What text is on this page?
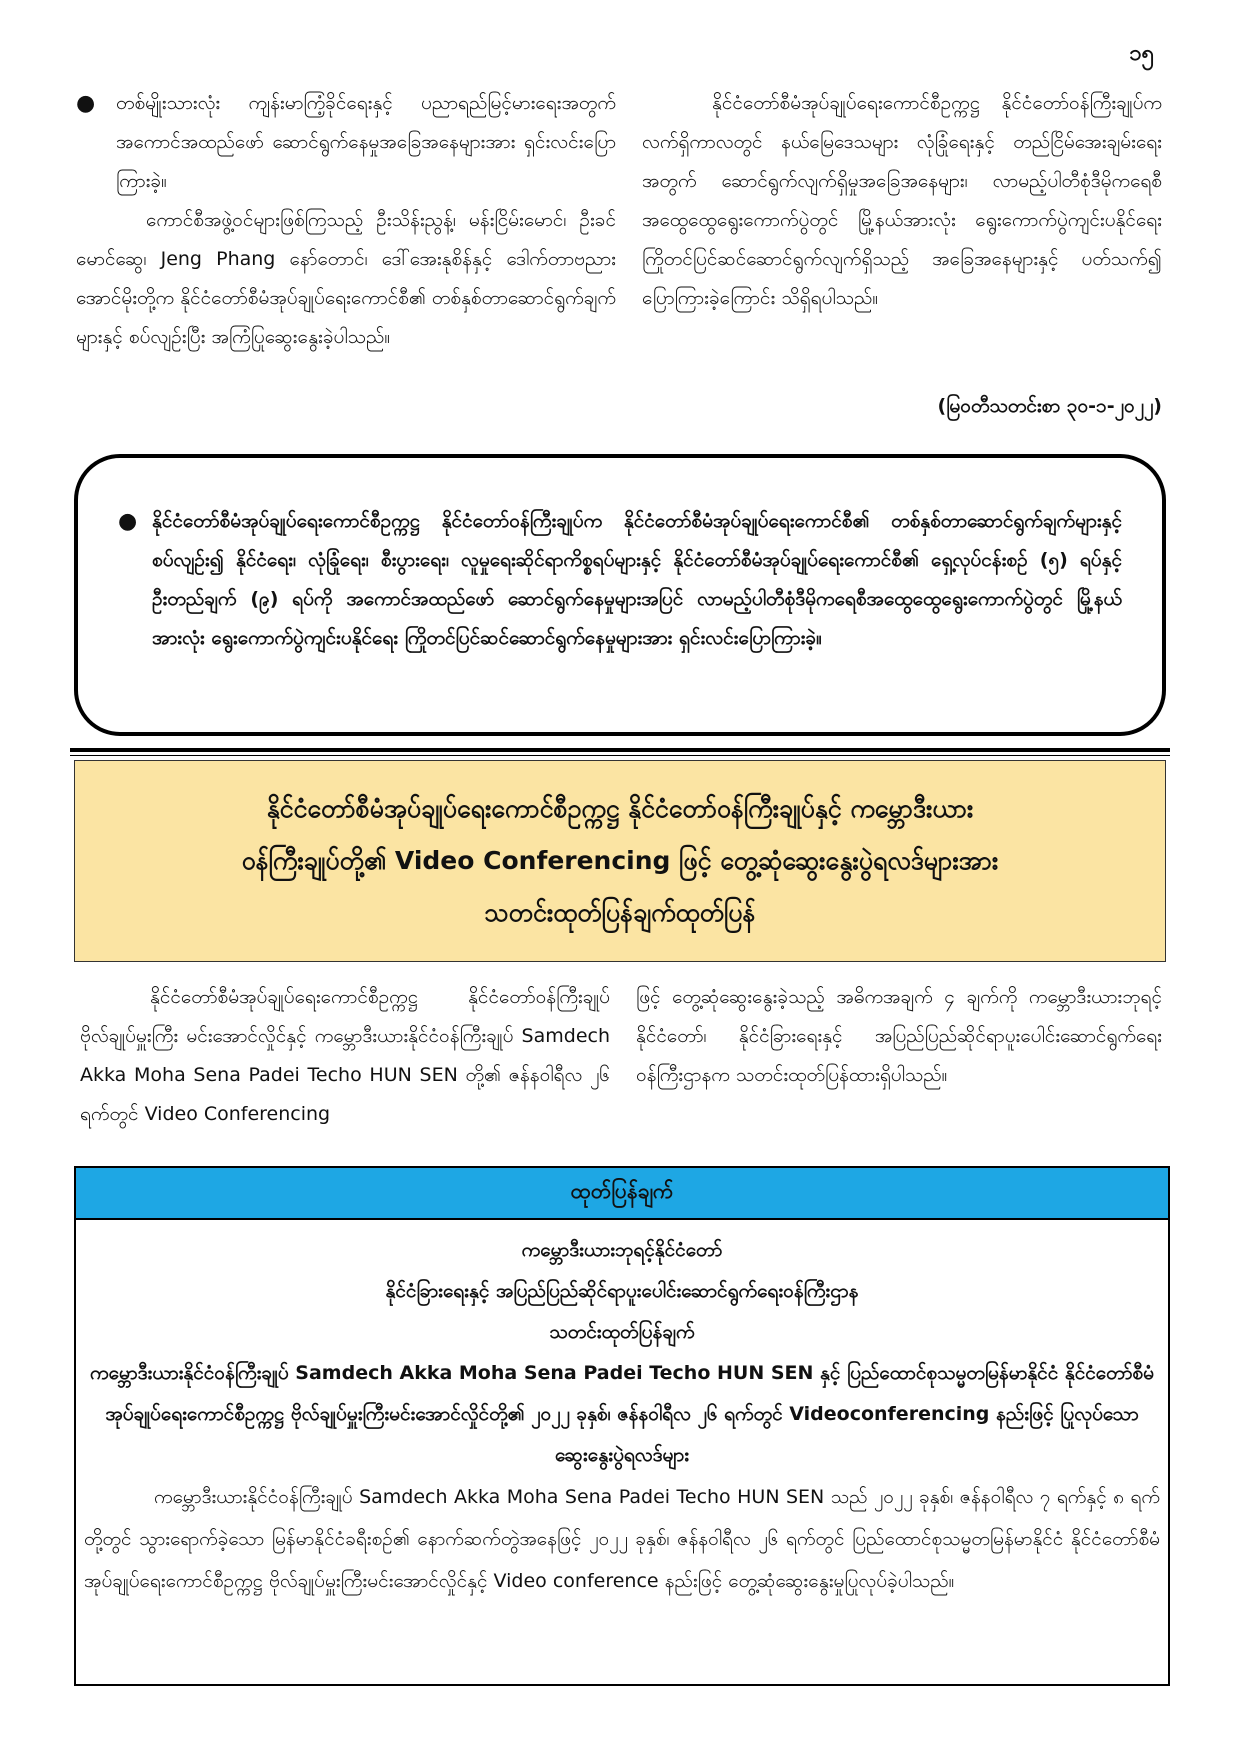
၁၅
●	တစ်မျိုးသားလုံး ကျန်းမာကြံ့ခိုင်ရေးနှင့် ပညာရည်မြင့်မားရေးအတွက် အကောင်အထည်ဖော် ဆောင်ရွက်နေမှုအခြေအနေများအား ရှင်းလင်းပြောကြားခဲ့။

ကောင်စီအဖွဲ့ဝင်များဖြစ်ကြသည့် ဦးသိန်းညွန့်၊ မန်းငြိမ်းမောင်၊ ဦးခင်မောင်ဆွေ၊ Jeng Phang နော်တောင်၊ ဒေါ်အေးနုစိန်နှင့် ဒေါက်တာဗညားအောင်မိုးတို့က နိုင်ငံတော်စီမံအုပ်ချုပ်ရေးကောင်စီ၏ တစ်နှစ်တာဆောင်ရွက်ချက်များနှင့် စပ်လျဉ်းပြီး အကြံပြုဆွေးနွေးခဲ့ပါသည်။

နိုင်ငံတော်စီမံအုပ်ချုပ်ရေးကောင်စီဥက္ကဋ္ဌ နိုင်ငံတော်ဝန်ကြီးချုပ်က လက်ရှိကာလတွင် နယ်မြေဒေသများ လုံခြုံရေးနှင့် တည်ငြိမ်အေးချမ်းရေးအတွက် ဆောင်ရွက်လျက်ရှိမှုအခြေအနေများ၊ လာမည့်ပါတီစုံဒီမိုကရေစီအထွေထွေရွေးကောက်ပွဲတွင် မြို့နယ်အားလုံး ရွေးကောက်ပွဲကျင်းပနိုင်ရေး ကြိုတင်ပြင်ဆင်ဆောင်ရွက်လျက်ရှိသည့် အခြေအနေများနှင့် ပတ်သက်၍ ပြောကြားခဲ့ကြောင်း သိရှိရပါသည်။

(မြဝတီသတင်းစာ ၃၀-၁-၂၀၂၂)
● နိုင်ငံတော်စီမံအုပ်ချုပ်ရေးကောင်စီဥက္ကဋ္ဌ နိုင်ငံတော်ဝန်ကြီးချုပ်က နိုင်ငံတော်စီမံအုပ်ချုပ်ရေးကောင်စီ၏ တစ်နှစ်တာဆောင်ရွက်ချက်များနှင့်စပ်လျဉ်း၍ နိုင်ငံရေး၊ လုံခြုံရေး၊ စီးပွားရေး၊ လူမှုရေးဆိုင်ရာကိစ္စရပ်များနှင့် နိုင်ငံတော်စီမံအုပ်ချုပ်ရေးကောင်စီ၏ ရှေ့လုပ်ငန်းစဉ် (၅) ရပ်နှင့် ဦးတည်ချက် (၉) ရပ်ကို အကောင်အထည်ဖော် ဆောင်ရွက်နေမှုများအပြင် လာမည့်ပါတီစုံဒီမိုကရေစီအထွေထွေရွေးကောက်ပွဲတွင် မြို့နယ်အားလုံး ရွေးကောက်ပွဲကျင်းပနိုင်ရေး ကြိုတင်ပြင်ဆင်ဆောင်ရွက်နေမှုများအား ရှင်းလင်းပြောကြားခဲ့။
နိုင်ငံတော်စီမံအုပ်ချုပ်ရေးကောင်စီဥက္ကဋ္ဌ နိုင်ငံတော်ဝန်ကြီးချုပ်နှင့် ကမ္ဘောဒီးယား
ဝန်ကြီးချုပ်တို့၏ Video Conferencing ဖြင့် တွေ့ဆုံဆွေးနွေးပွဲရလဒ်များအား
သတင်းထုတ်ပြန်ချက်ထုတ်ပြန်

နိုင်ငံတော်စီမံအုပ်ချုပ်ရေးကောင်စီဥက္ကဋ္ဌ နိုင်ငံတော်ဝန်ကြီးချုပ် ဗိုလ်ချုပ်မှူးကြီး မင်းအောင်လှိုင်နှင့် ကမ္ဘောဒီးယားနိုင်ငံဝန်ကြီးချုပ် Samdech Akka Moha Sena Padei Techo HUN SEN တို့၏ ဇန်နဝါရီလ ၂၆ ရက်တွင် Video Conferencing

ဖြင့် တွေ့ဆုံဆွေးနွေးခဲ့သည့် အဓိကအချက် ၄ ချက်ကို ကမ္ဘောဒီးယားဘုရင့်နိုင်ငံတော်၊ နိုင်ငံခြားရေးနှင့် အပြည်ပြည်ဆိုင်ရာပူးပေါင်းဆောင်ရွက်ရေးဝန်ကြီးဌာနက သတင်းထုတ်ပြန်ထားရှိပါသည်။

ထုတ်ပြန်ချက်

ကမ္ဘောဒီးယားဘုရင့်နိုင်ငံတော်

နိုင်ငံခြားရေးနှင့် အပြည်ပြည်ဆိုင်ရာပူးပေါင်းဆောင်ရွက်ရေးဝန်ကြီးဌာန

သတင်းထုတ်ပြန်ချက်

ကမ္ဘောဒီးယားနိုင်ငံဝန်ကြီးချုပ် Samdech Akka Moha Sena Padei Techo HUN SEN နှင့် ပြည်ထောင်စုသမ္မတမြန်မာနိုင်ငံ နိုင်ငံတော်စီမံအုပ်ချုပ်ရေးကောင်စီဥက္ကဋ္ဌ ဗိုလ်ချုပ်မှူးကြီးမင်းအောင်လှိုင်တို့၏ ၂၀၂၂ ခုနှစ်၊ ဇန်နဝါရီလ ၂၆ ရက်တွင် Videoconferencing နည်းဖြင့် ပြုလုပ်သော ဆွေးနွေးပွဲရလဒ်များ

ကမ္ဘောဒီးယားနိုင်ငံဝန်ကြီးချုပ် Samdech Akka Moha Sena Padei Techo HUN SEN သည် ၂၀၂၂ ခုနှစ်၊ ဇန်နဝါရီလ ၇ ရက်နှင့် ၈ ရက်တို့တွင် သွားရောက်ခဲ့သော မြန်မာနိုင်ငံခရီးစဉ်၏ နောက်ဆက်တွဲအနေဖြင့် ၂၀၂၂ ခုနှစ်၊ ဇန်နဝါရီလ ၂၆ ရက်တွင် ပြည်ထောင်စုသမ္မတမြန်မာနိုင်ငံ နိုင်ငံတော်စီမံအုပ်ချုပ်ရေးကောင်စီဥက္ကဋ္ဌ ဗိုလ်ချုပ်မှူးကြီးမင်းအောင်လှိုင်နှင့် Video conference နည်းဖြင့် တွေ့ဆုံဆွေးနွေးမှုပြုလုပ်ခဲ့ပါသည်။
